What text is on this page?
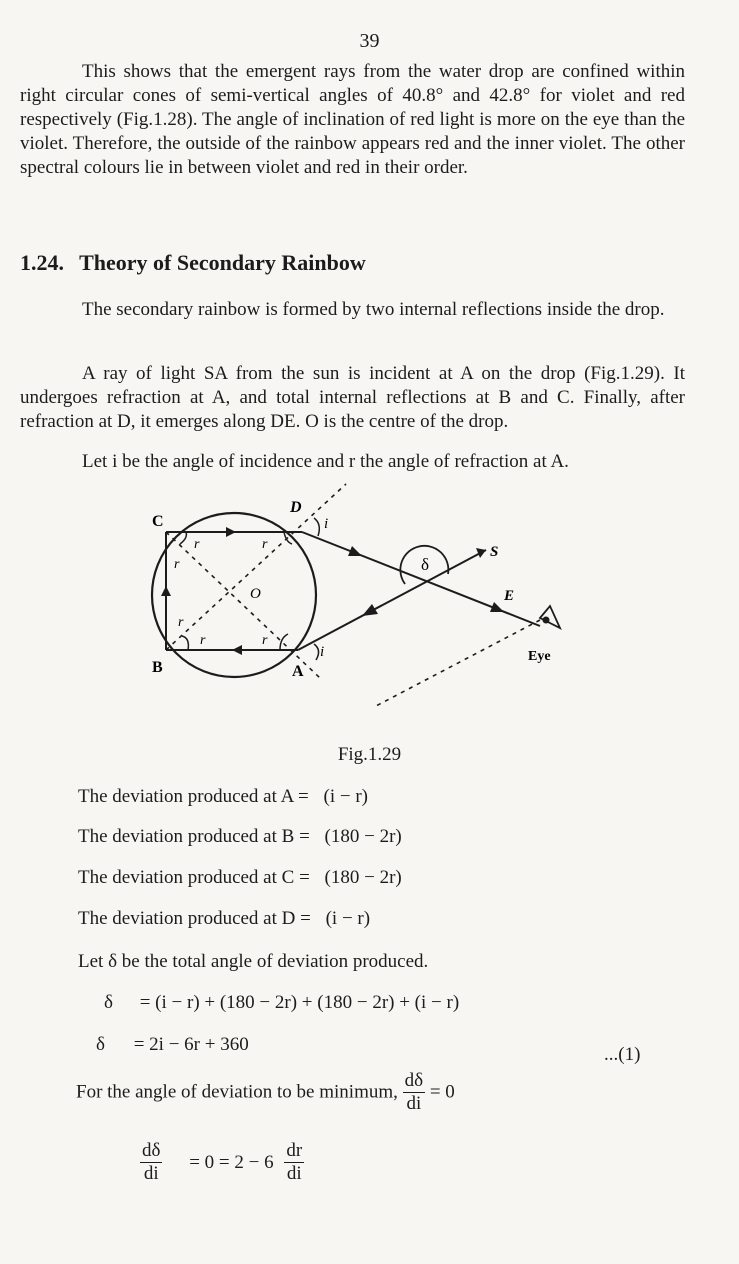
39

This shows that the emergent rays from the water drop are confined within right circular cones of semi-vertical angles of 40.8° and 42.8° for violet and red respectively (Fig.1.28). The angle of inclination of red light is more on the eye than the violet. Therefore, the outside of the rainbow appears red and the inner violet. The other spectral colours lie in between violet and red in their order.

1.24. Theory of Secondary Rainbow

The secondary rainbow is formed by two internal reflections inside the drop.

A ray of light SA from the sun is incident at A on the drop (Fig.1.29). It undergoes refraction at A, and total internal reflections at B and C. Finally, after refraction at D, it emerges along DE. O is the centre of the drop.

Let i be the angle of incidence and r the angle of refraction at A.

C
D
B	A
O
S
E
Eye
δ
i
i
r
r
r
r
r	r
Fig.1.29
The deviation produced at A = (i − r)
The deviation produced at B = (180 − 2r)
The deviation produced at C = (180 − 2r)
The deviation produced at D = (i − r)
Let δ be the total angle of deviation produced.
δ = (i − r) + (180 − 2r) + (180 − 2r) + (i − r)
δ = 2i − 6r + 360	...(1)
For the angle of deviation to be minimum, $\frac{d\delta}{di} = 0$
$\frac{d\delta}{di} = 0 = 2 - 6 \frac{dr}{di}$
